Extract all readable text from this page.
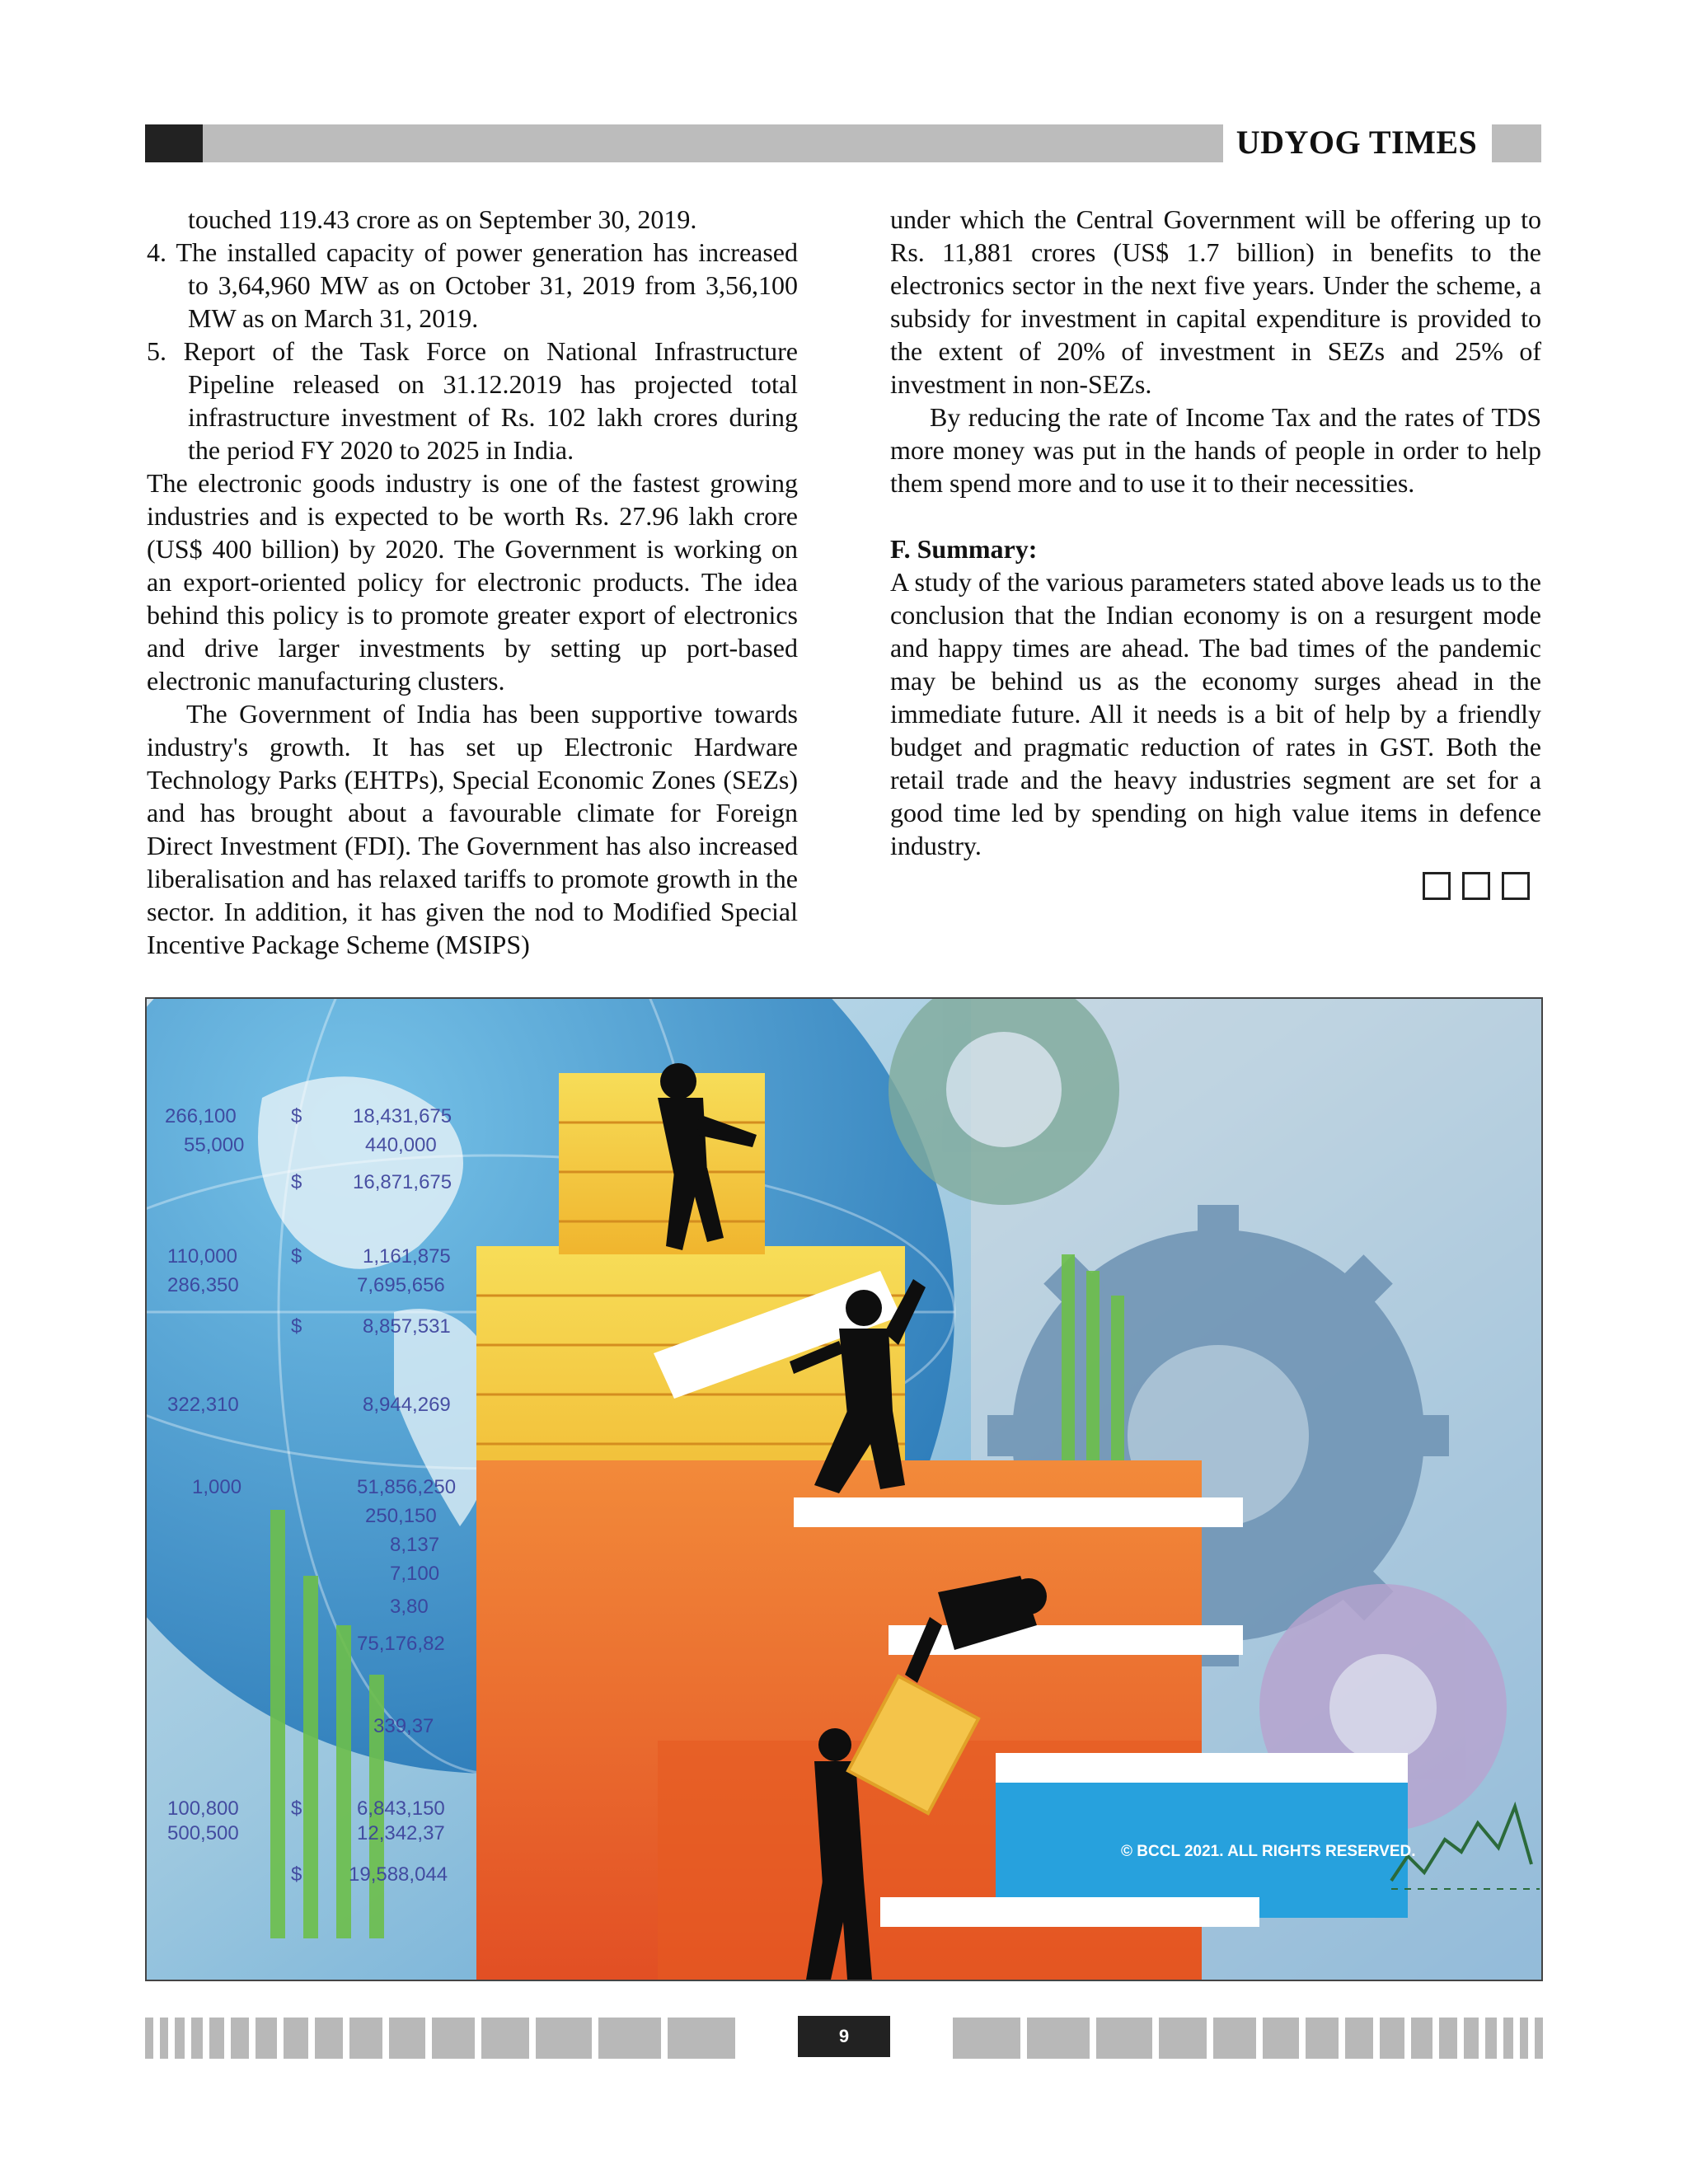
UDYOG TIMES

touched 119.43 crore as on September 30, 2019.

4. The installed capacity of power generation has increased to 3,64,960 MW as on October 31, 2019 from 3,56,100 MW as on March 31, 2019.

5. Report of the Task Force on National Infrastructure Pipeline released on 31.12.2019 has projected total infrastructure investment of Rs. 102 lakh crores during the period FY 2020 to 2025 in India.

The electronic goods industry is one of the fastest growing industries and is expected to be worth Rs. 27.96 lakh crore (US$ 400 billion) by 2020. The Government is working on an export-oriented policy for electronic products. The idea behind this policy is to promote greater export of electronics and drive larger investments by setting up port-based electronic manufacturing clusters.

The Government of India has been supportive towards industry's growth. It has set up Electronic Hardware Technology Parks (EHTPs), Special Economic Zones (SEZs) and has brought about a favourable climate for Foreign Direct Investment (FDI). The Government has also increased liberalisation and has relaxed tariffs to promote growth in the sector. In addition, it has given the nod to Modified Special Incentive Package Scheme (MSIPS)

under which the Central Government will be offering up to Rs. 11,881 crores (US$ 1.7 billion) in benefits to the electronics sector in the next five years. Under the scheme, a subsidy for investment in capital expenditure is provided to the extent of 20% of investment in SEZs and 25% of investment in non-SEZs.

By reducing the rate of Income Tax and the rates of TDS more money was put in the hands of people in order to help them spend more and to use it to their necessities.

F. Summary:

A study of the various parameters stated above leads us to the conclusion that the Indian economy is on a resurgent mode and happy times are ahead. The bad times of the pandemic may be behind us as the economy surges ahead in the immediate future. All it needs is a bit of help by a friendly budget and pragmatic reduction of rates in GST. Both the retail trade and the heavy industries segment are set for a good time led by spending on high value items in defence industry.

266,100
55,000
110,000
286,350
322,310
1,000
100,800
500,500
$
$
$
$
$
$
18,431,675
440,000
16,871,675
1,161,875
7,695,656
8,857,531
8,944,269
51,856,250
250,150
8,137
7,100
3,80
75,176,82
339,37
6,843,150
12,342,37
19,588,044
© BCCL 2021. ALL RIGHTS RESERVED.
9
